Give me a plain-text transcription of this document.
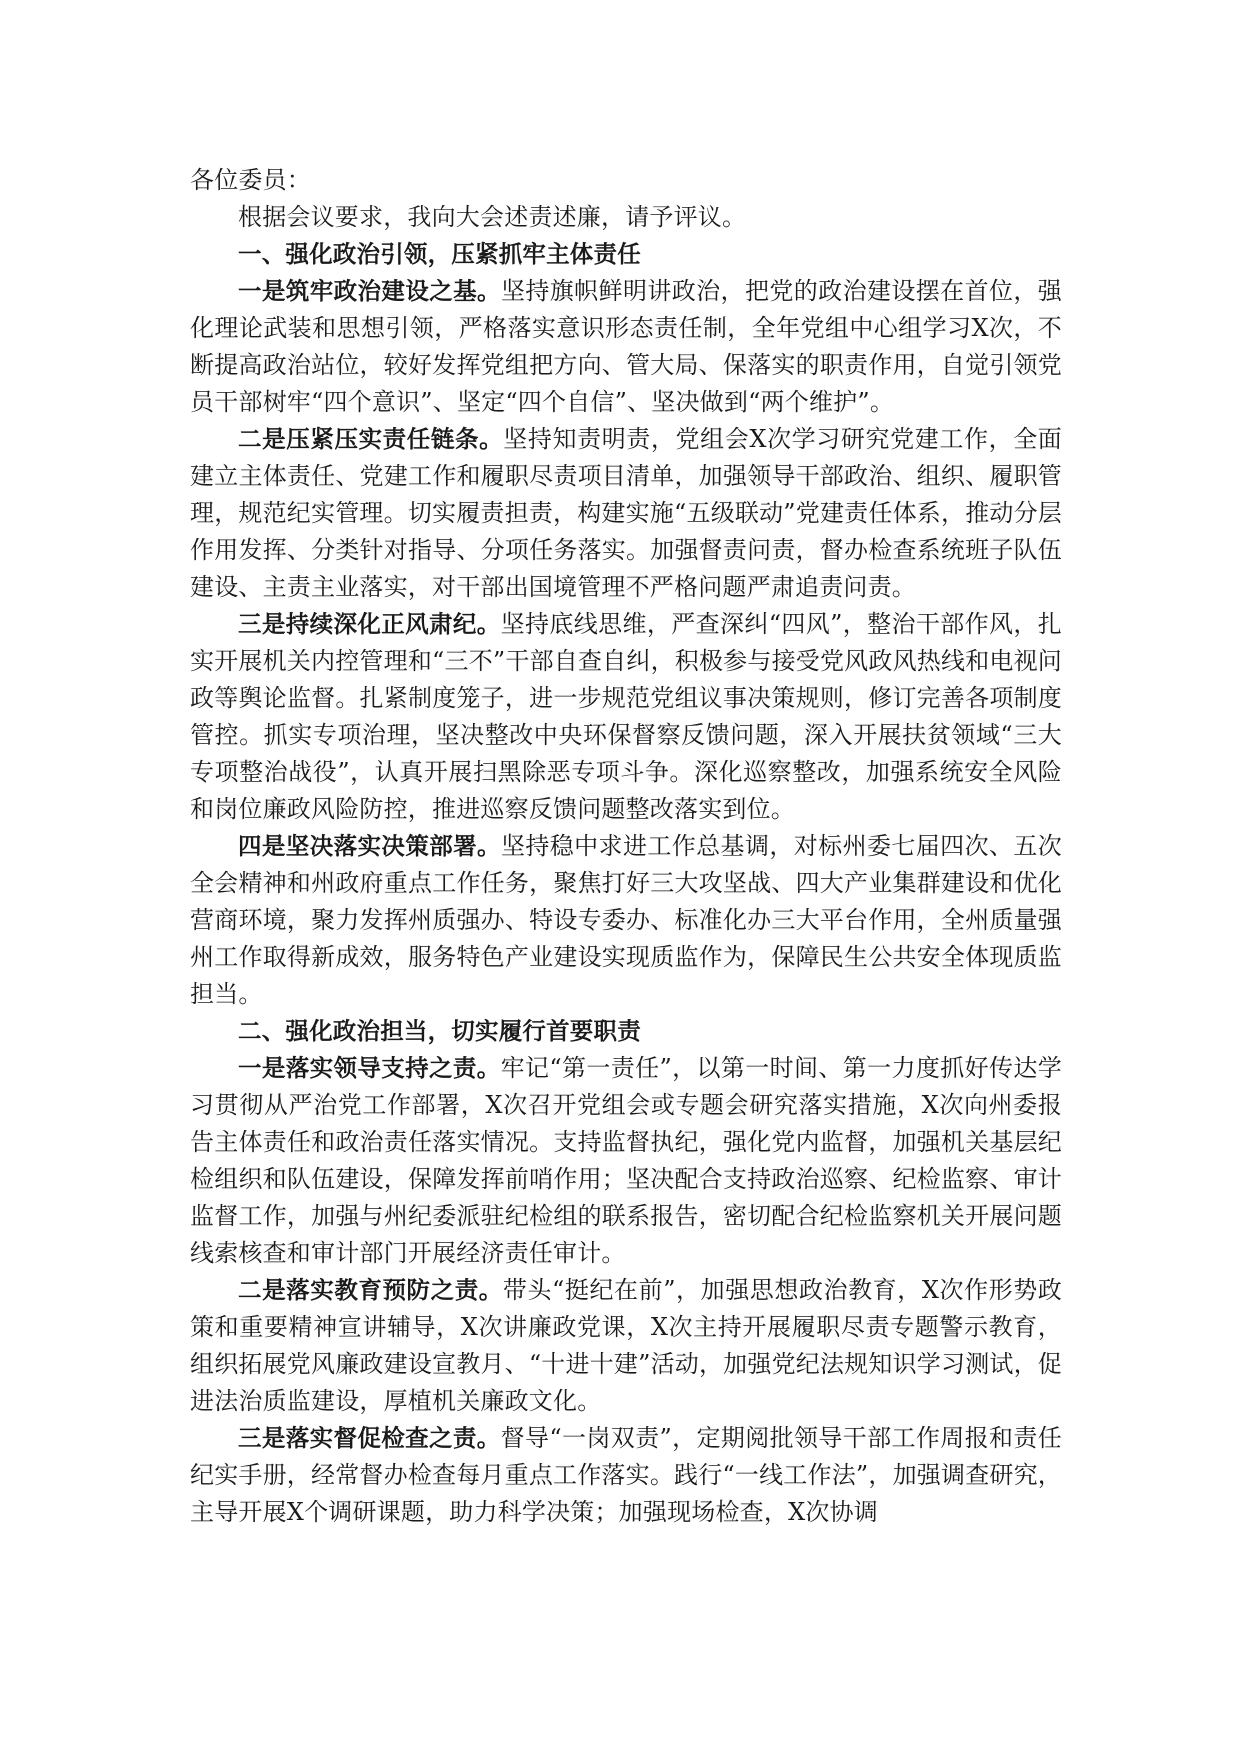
各位委员：

根据会议要求，我向大会述责述廉，请予评议。

一、强化政治引领，压紧抓牢主体责任

一是筑牢政治建设之基。坚持旗帜鲜明讲政治，把党的政治建设摆在首位，强化理论武装和思想引领，严格落实意识形态责任制，全年党组中心组学习X次，不断提高政治站位，较好发挥党组把方向、管大局、保落实的职责作用，自觉引领党员干部树牢“四个意识”、坚定“四个自信”、坚决做到“两个维护”。

二是压紧压实责任链条。坚持知责明责，党组会X次学习研究党建工作，全面建立主体责任、党建工作和履职尽责项目清单，加强领导干部政治、组织、履职管理，规范纪实管理。切实履责担责，构建实施“五级联动”党建责任体系，推动分层作用发挥、分类针对指导、分项任务落实。加强督责问责，督办检查系统班子队伍建设、主责主业落实，对干部出国境管理不严格问题严肃追责问责。

三是持续深化正风肃纪。坚持底线思维，严查深纠“四风”，整治干部作风，扎实开展机关内控管理和“三不”干部自查自纠，积极参与接受党风政风热线和电视问政等舆论监督。扎紧制度笼子，进一步规范党组议事决策规则，修订完善各项制度管控。抓实专项治理，坚决整改中央环保督察反馈问题，深入开展扶贫领域“三大专项整治战役”，认真开展扫黑除恶专项斗争。深化巡察整改，加强系统安全风险和岗位廉政风险防控，推进巡察反馈问题整改落实到位。

四是坚决落实决策部署。坚持稳中求进工作总基调，对标州委七届四次、五次全会精神和州政府重点工作任务，聚焦打好三大攻坚战、四大产业集群建设和优化营商环境，聚力发挥州质强办、特设专委办、标准化办三大平台作用，全州质量强州工作取得新成效，服务特色产业建设实现质监作为，保障民生公共安全体现质监担当。

二、强化政治担当，切实履行首要职责

一是落实领导支持之责。牢记“第一责任”，以第一时间、第一力度抓好传达学习贯彻从严治党工作部署，X次召开党组会或专题会研究落实措施，X次向州委报告主体责任和政治责任落实情况。支持监督执纪，强化党内监督，加强机关基层纪检组织和队伍建设，保障发挥前哨作用；坚决配合支持政治巡察、纪检监察、审计监督工作，加强与州纪委派驻纪检组的联系报告，密切配合纪检监察机关开展问题线索核查和审计部门开展经济责任审计。

二是落实教育预防之责。带头“挺纪在前”，加强思想政治教育，X次作形势政策和重要精神宣讲辅导，X次讲廉政党课，X次主持开展履职尽责专题警示教育，组织拓展党风廉政建设宣教月、“十进十建”活动，加强党纪法规知识学习测试，促进法治质监建设，厚植机关廉政文化。

三是落实督促检查之责。督导“一岗双责”，定期阅批领导干部工作周报和责任纪实手册，经常督办检查每月重点工作落实。践行“一线工作法”，加强调查研究，主导开展X个调研课题，助力科学决策；加强现场检查，X次协调
